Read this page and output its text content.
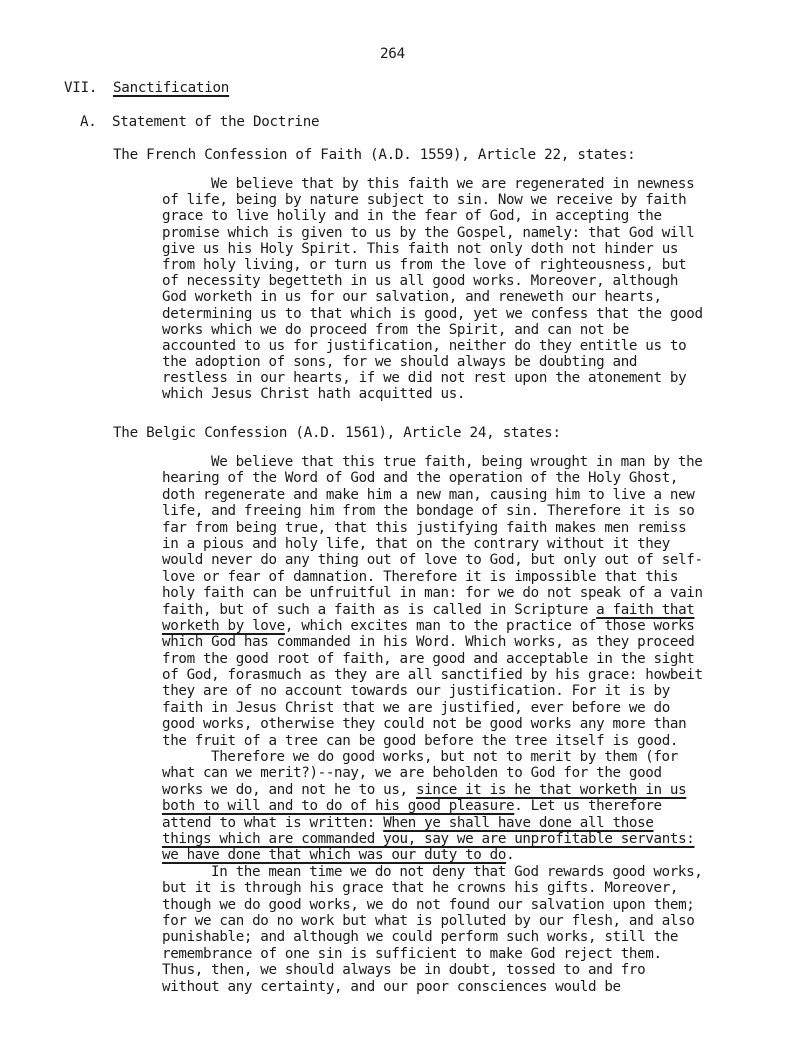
264
VII. Sanctification
A. Statement of the Doctrine
The French Confession of Faith (A.D. 1559), Article 22, states:
We believe that by this faith we are regenerated in newness
of life, being by nature subject to sin. Now we receive by faith
grace to live holily and in the fear of God, in accepting the
promise which is given to us by the Gospel, namely: that God will
give us his Holy Spirit. This faith not only doth not hinder us
from holy living, or turn us from the love of righteousness, but
of necessity begetteth in us all good works. Moreover, although
God worketh in us for our salvation, and reneweth our hearts,
determining us to that which is good, yet we confess that the good
works which we do proceed from the Spirit, and can not be
accounted to us for justification, neither do they entitle us to
the adoption of sons, for we should always be doubting and
restless in our hearts, if we did not rest upon the atonement by
which Jesus Christ hath acquitted us.
The Belgic Confession (A.D. 1561), Article 24, states:
We believe that this true faith, being wrought in man by the
hearing of the Word of God and the operation of the Holy Ghost,
doth regenerate and make him a new man, causing him to live a new
life, and freeing him from the bondage of sin. Therefore it is so
far from being true, that this justifying faith makes men remiss
in a pious and holy life, that on the contrary without it they
would never do any thing out of love to God, but only out of self-
love or fear of damnation. Therefore it is impossible that this
holy faith can be unfruitful in man: for we do not speak of a vain
faith, but of such a faith as is called in Scripture a faith that
worketh by love, which excites man to the practice of those works
which God has commanded in his Word. Which works, as they proceed
from the good root of faith, are good and acceptable in the sight
of God, forasmuch as they are all sanctified by his grace: howbeit
they are of no account towards our justification. For it is by
faith in Jesus Christ that we are justified, ever before we do
good works, otherwise they could not be good works any more than
the fruit of a tree can be good before the tree itself is good.
Therefore we do good works, but not to merit by them (for
what can we merit?)--nay, we are beholden to God for the good
works we do, and not he to us, since it is he that worketh in us
both to will and to do of his good pleasure. Let us therefore
attend to what is written: When ye shall have done all those
things which are commanded you, say we are unprofitable servants:
we have done that which was our duty to do.
In the mean time we do not deny that God rewards good works,
but it is through his grace that he crowns his gifts. Moreover,
though we do good works, we do not found our salvation upon them;
for we can do no work but what is polluted by our flesh, and also
punishable; and although we could perform such works, still the
remembrance of one sin is sufficient to make God reject them.
Thus, then, we should always be in doubt, tossed to and fro
without any certainty, and our poor consciences would be
